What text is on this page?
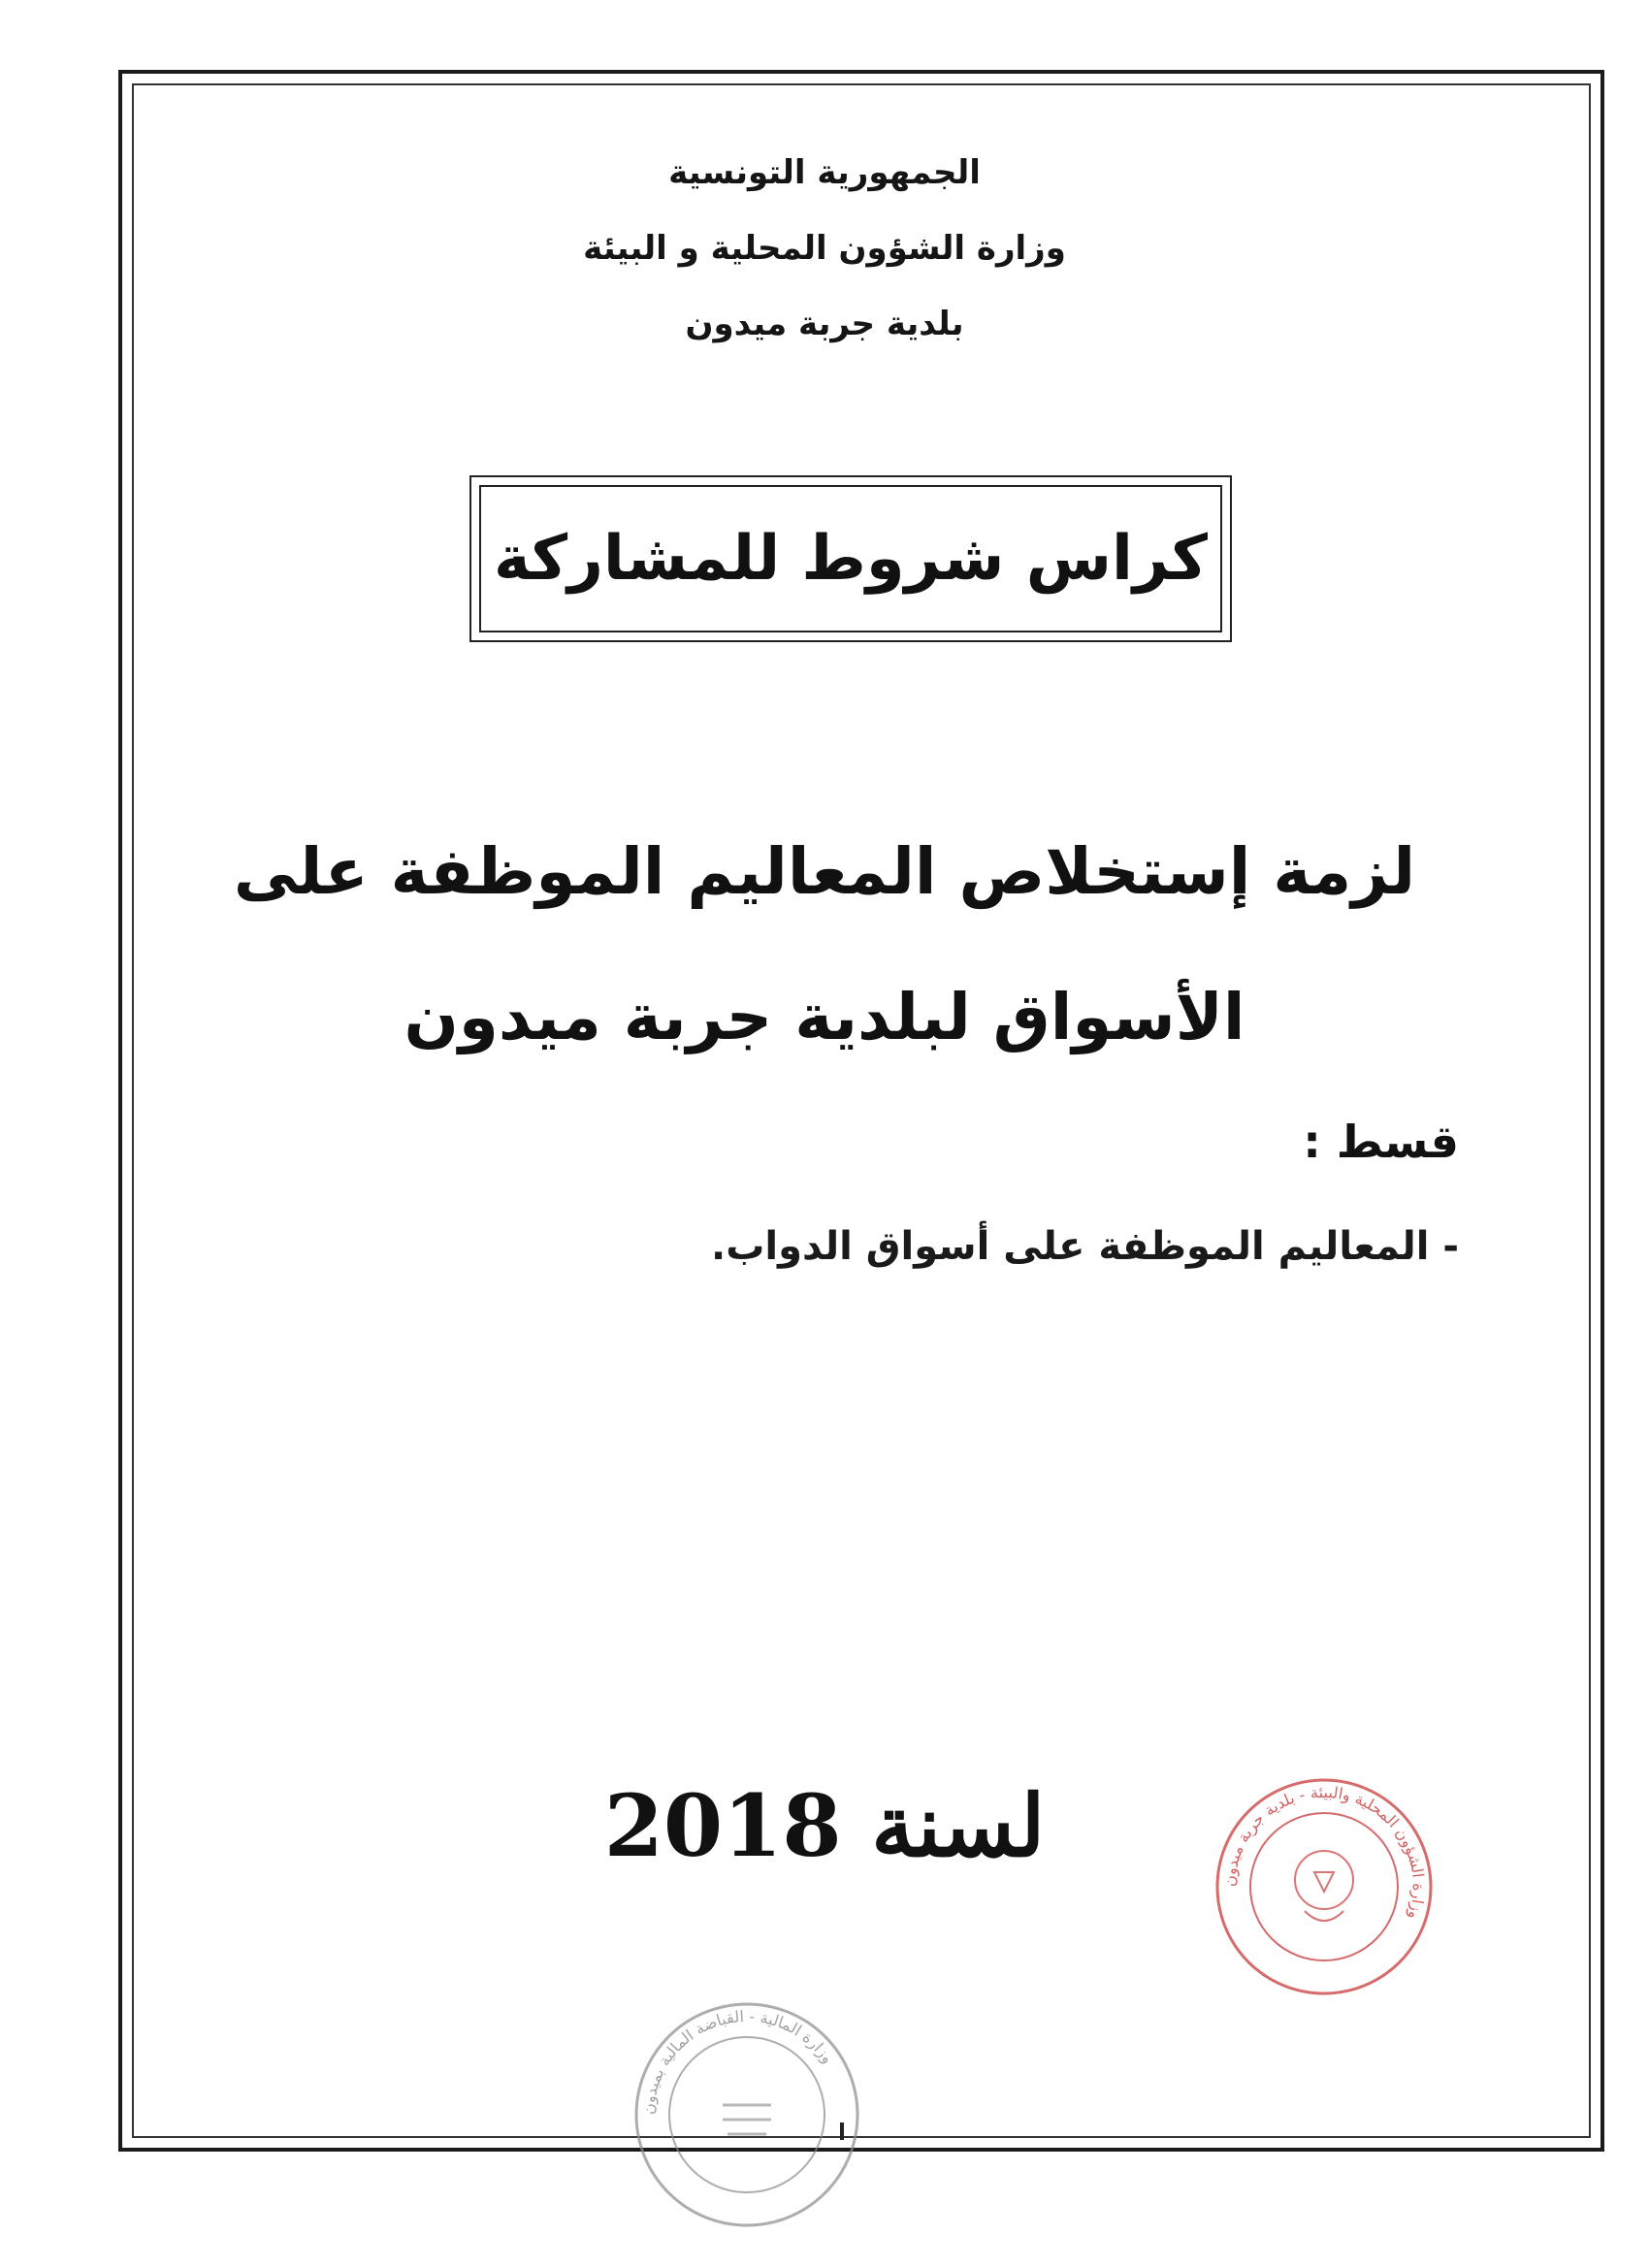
الجمهورية التونسية
وزارة الشؤون المحلية و البيئة
بلدية جربة ميدون
كراس شروط للمشاركة
لزمة إستخلاص المعاليم الموظفة على
الأسواق لبلدية جربة ميدون
قسط :
- المعاليم الموظفة على أسواق الدواب.
لسنة 2018
وزارة الشؤون المحلية والبيئة - بلدية جربة ميدون
وزارة المالية - القباضة المالية بميدون
